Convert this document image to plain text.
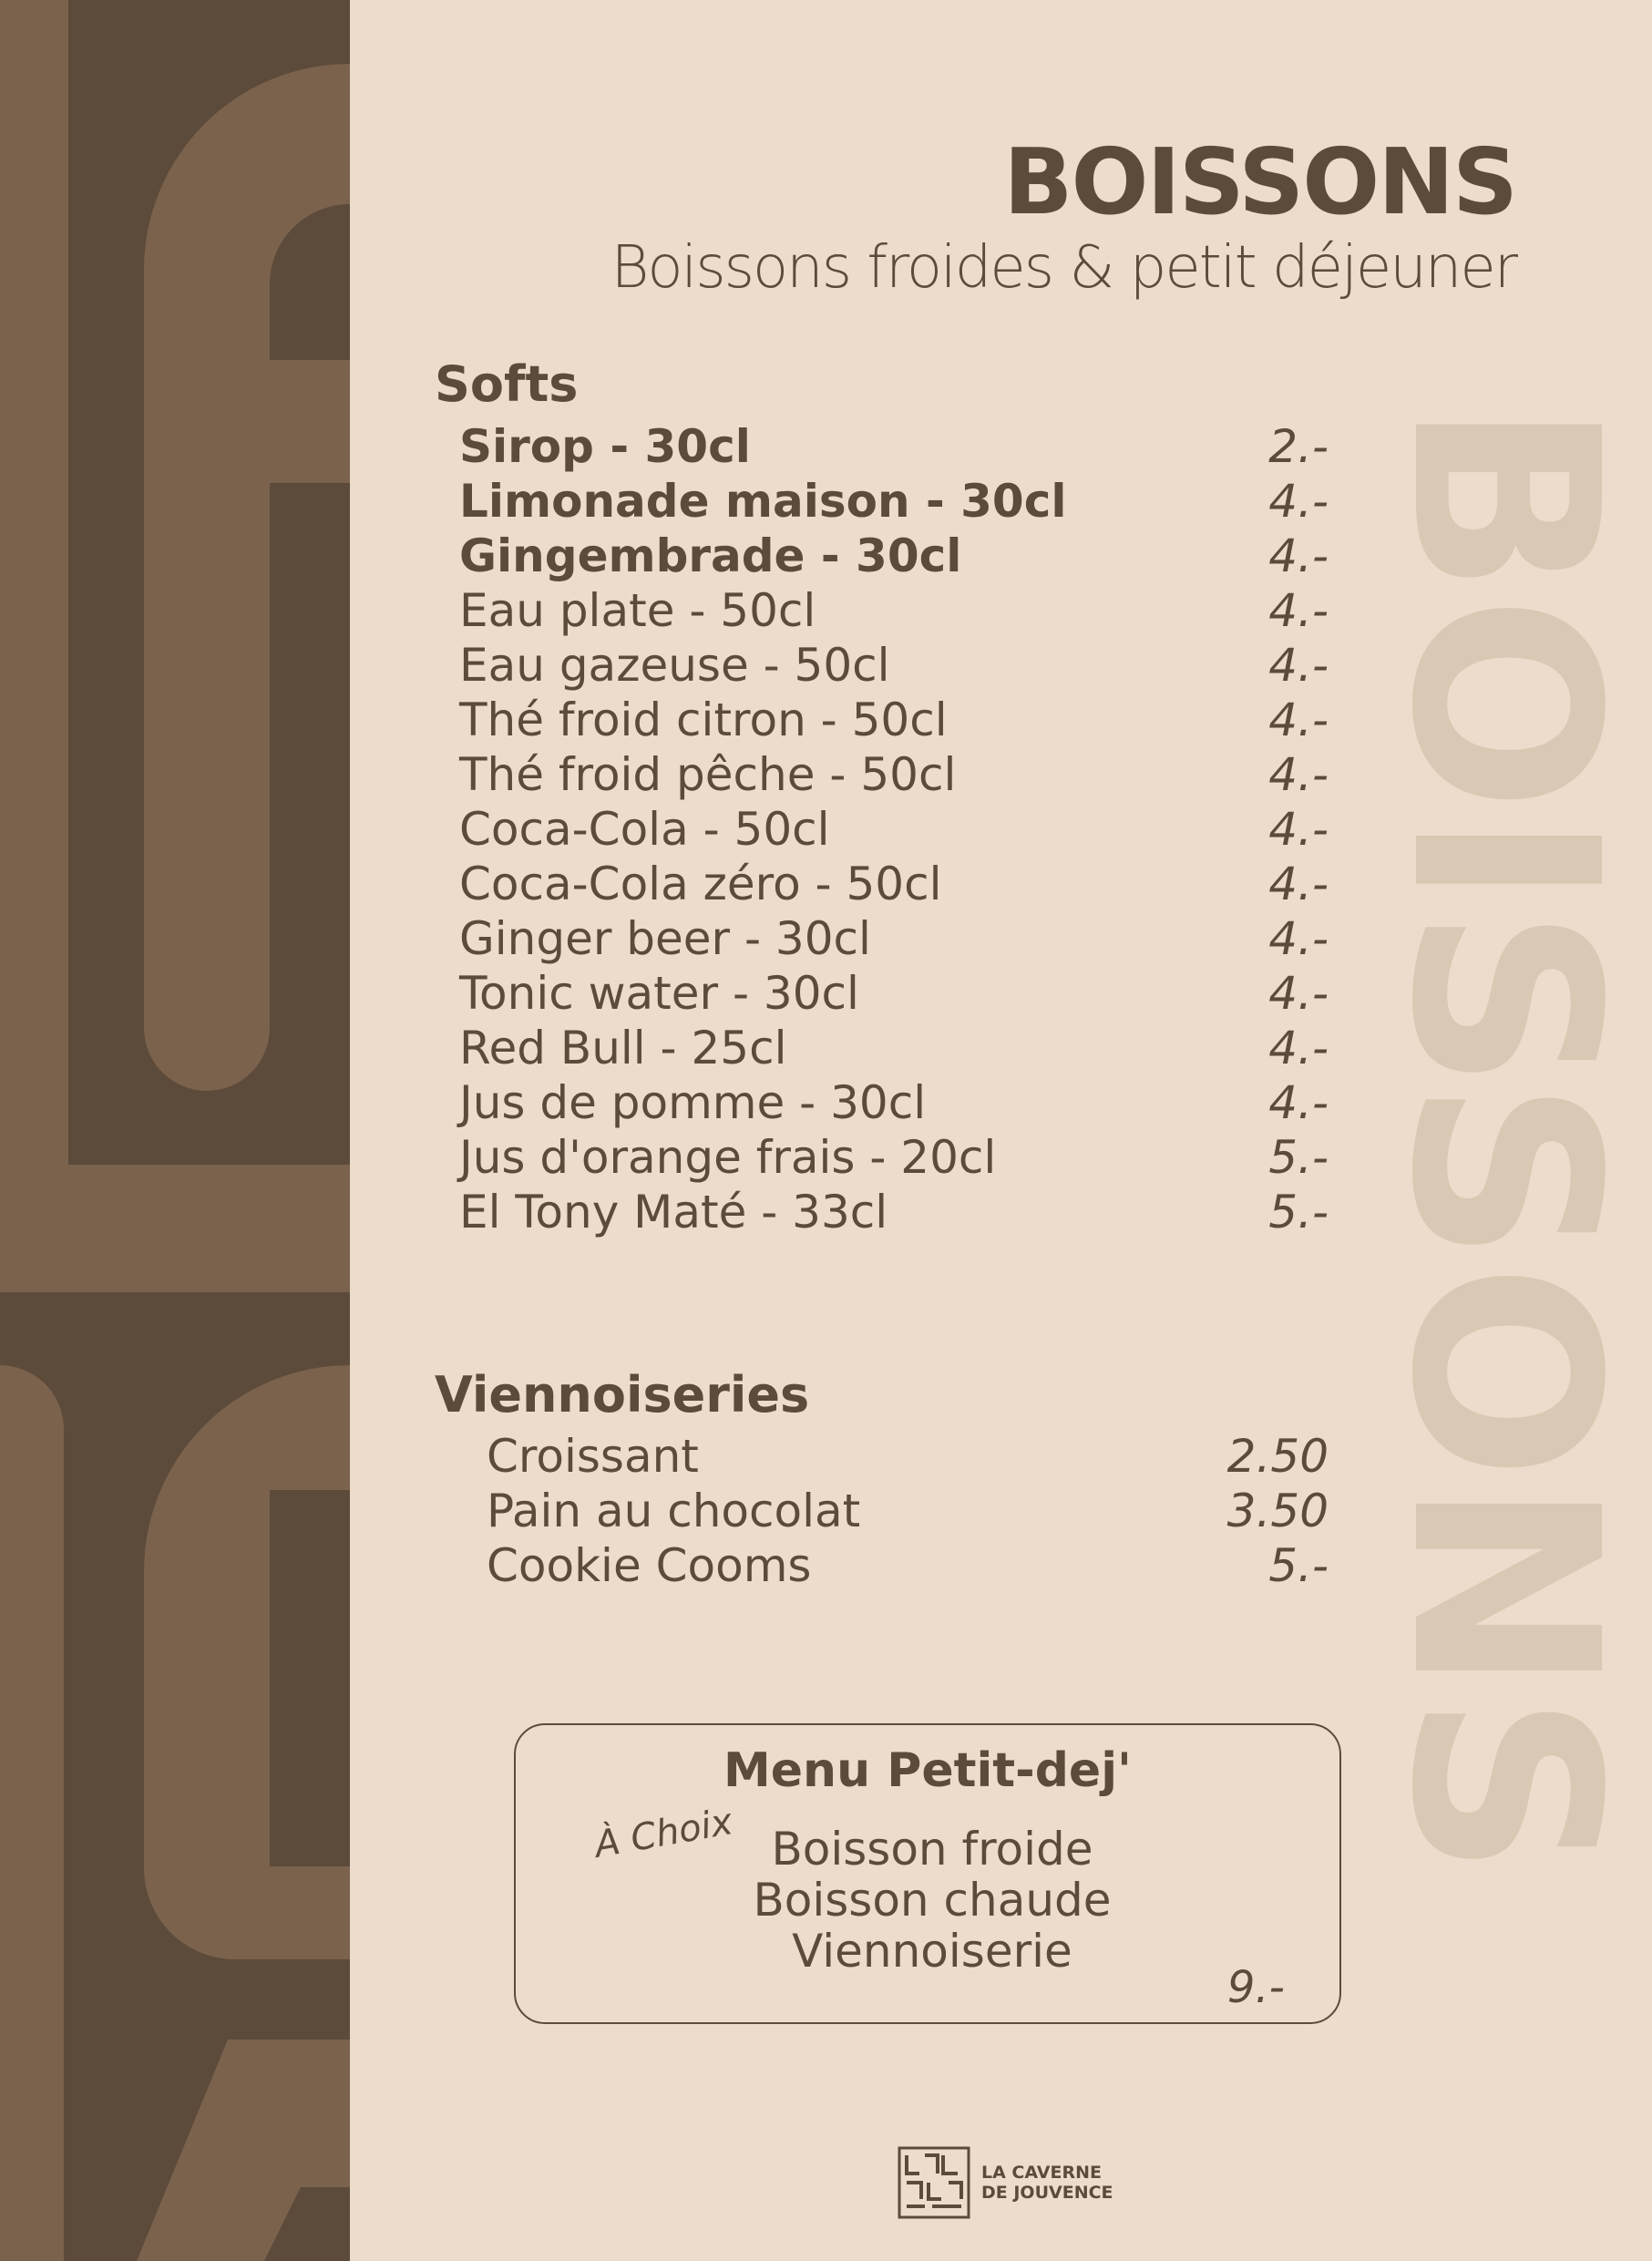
BOISSONS
BOISSONS

Boissons froides & petit déjeuner

Softs
Sirop - 30cl	2.-
Limonade maison - 30cl	4.-
Gingembrade - 30cl	4.-
Eau plate - 50cl	4.-
Eau gazeuse - 50cl	4.-
Thé froid citron - 50cl	4.-
Thé froid pêche - 50cl	4.-
Coca-Cola - 50cl	4.-
Coca-Cola zéro - 50cl	4.-
Ginger beer - 30cl	4.-
Tonic water - 30cl	4.-
Red Bull - 25cl	4.-
Jus de pomme - 30cl	4.-
Jus d'orange frais - 20cl	5.-
El Tony Maté - 33cl	5.-
Viennoiseries
Croissant	2.50
Pain au chocolat	3.50
Cookie Cooms	5.-
Menu Petit-dej'
À Choix Boisson froide
Boisson chaude
Viennoiserie
9.-

LA CAVERNE
DE JOUVENCE
